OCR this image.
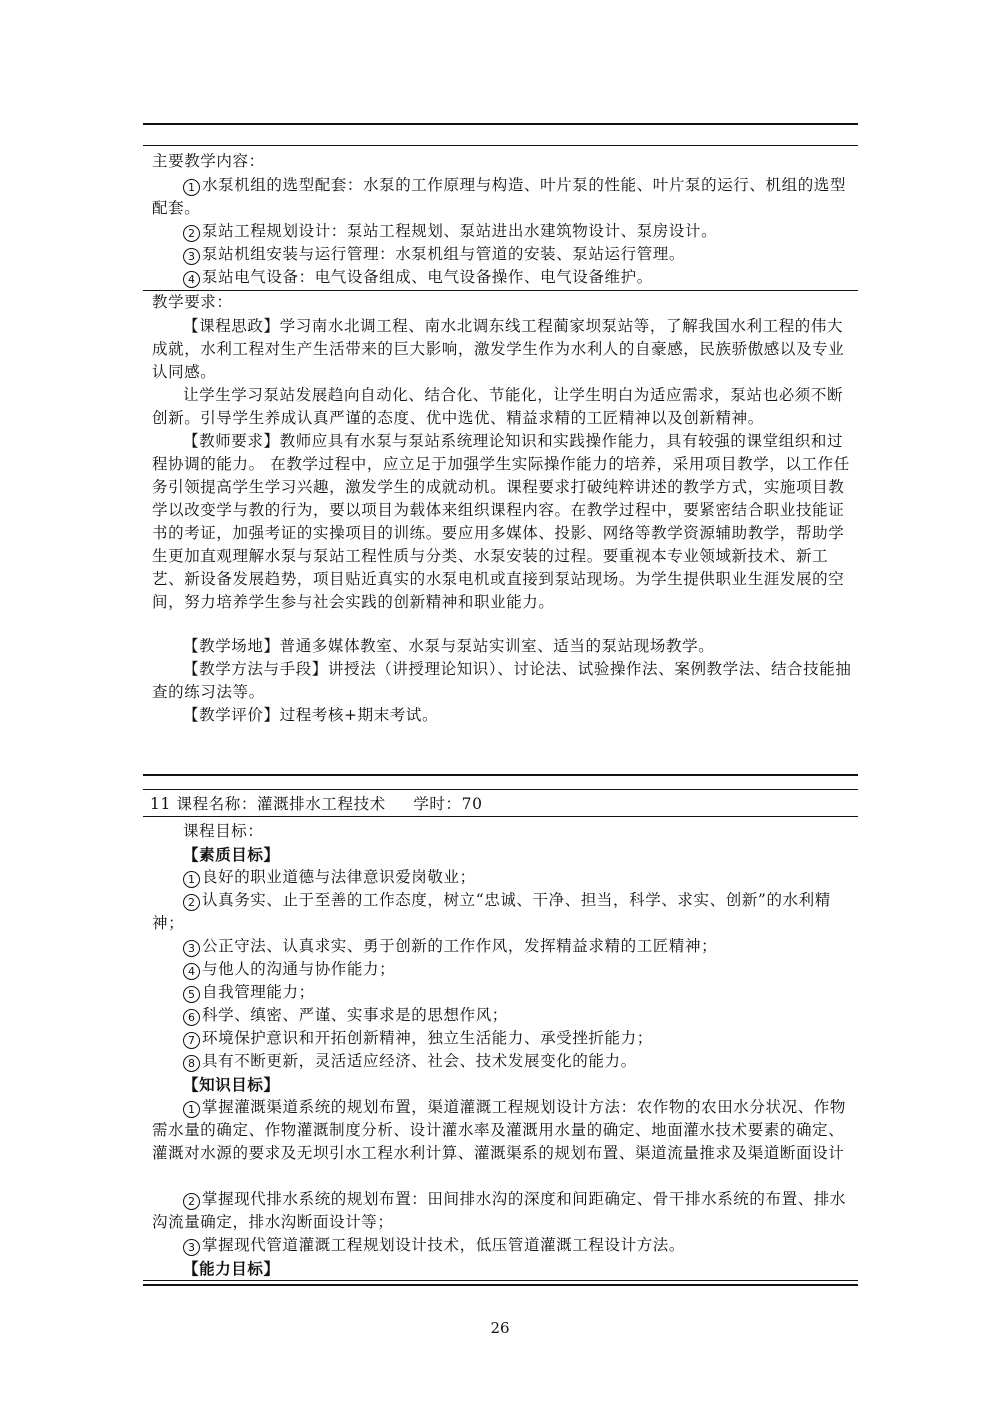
主要教学内容：
1 水泵机组的选型配套：水泵的工作原理与构造、叶片泵的性能、叶片泵的运行、机组的选型配套。
2 泵站工程规划设计：泵站工程规划、泵站进出水建筑物设计、泵房设计。
3 泵站机组安装与运行管理：水泵机组与管道的安装、泵站运行管理。
4 泵站电气设备：电气设备组成、电气设备操作、电气设备维护。
教学要求：
【课程思政】学习南水北调工程、南水北调东线工程蔺家坝泵站等，了解我国水利工程的伟大成就，水利工程对生产生活带来的巨大影响，激发学生作为水利人的自豪感，民族骄傲感以及专业认同感。
让学生学习泵站发展趋向自动化、结合化、节能化，让学生明白为适应需求，泵站也必须不断创新。引导学生养成认真严谨的态度、优中选优、精益求精的工匠精神以及创新精神。
【教师要求】教师应具有水泵与泵站系统理论知识和实践操作能力，具有较强的课堂组织和过程协调的能力。 在教学过程中，应立足于加强学生实际操作能力的培养，采用项目教学，以工作任务引领提高学生学习兴趣，激发学生的成就动机。课程要求打破纯粹讲述的教学方式，实施项目教学以改变学与教的行为，要以项目为载体来组织课程内容。在教学过程中，要紧密结合职业技能证书的考证，加强考证的实操项目的训练。要应用多媒体、投影、网络等教学资源辅助教学，帮助学生更加直观理解水泵与泵站工程性质与分类、水泵安装的过程。要重视本专业领域新技术、新工艺、新设备发展趋势，项目贴近真实的水泵电机或直接到泵站现场。为学生提供职业生涯发展的空间，努力培养学生参与社会实践的创新精神和职业能力。
【教学场地】普通多媒体教室、水泵与泵站实训室、适当的泵站现场教学。
【教学方法与手段】讲授法（讲授理论知识）、讨论法、试验操作法、案例教学法、结合技能抽查的练习法等。
【教学评价】过程考核+期末考试。
11 课程名称：灌溉排水工程技术 学时：70
课程目标：
【素质目标】
1 良好的职业道德与法律意识爱岗敬业；
2 认真务实、止于至善的工作态度，树立“忠诚、干净、担当，科学、求实、创新”的水利精神；
3 公正守法、认真求实、勇于创新的工作作风，发挥精益求精的工匠精神；
4 与他人的沟通与协作能力；
5 自我管理能力；
6 科学、缜密、严谨、实事求是的思想作风；
7 环境保护意识和开拓创新精神，独立生活能力、承受挫折能力；
8 具有不断更新，灵活适应经济、社会、技术发展变化的能力。
【知识目标】
1 掌握灌溉渠道系统的规划布置，渠道灌溉工程规划设计方法：农作物的农田水分状况、作物需水量的确定、作物灌溉制度分析、设计灌水率及灌溉用水量的确定、地面灌水技术要素的确定、灌溉对水源的要求及无坝引水工程水利计算、灌溉渠系的规划布置、渠道流量推求及渠道断面设计
2 掌握现代排水系统的规划布置：田间排水沟的深度和间距确定、骨干排水系统的布置、排水沟流量确定，排水沟断面设计等；
3 掌握现代管道灌溉工程规划设计技术，低压管道灌溉工程设计方法。
【能力目标】
26
